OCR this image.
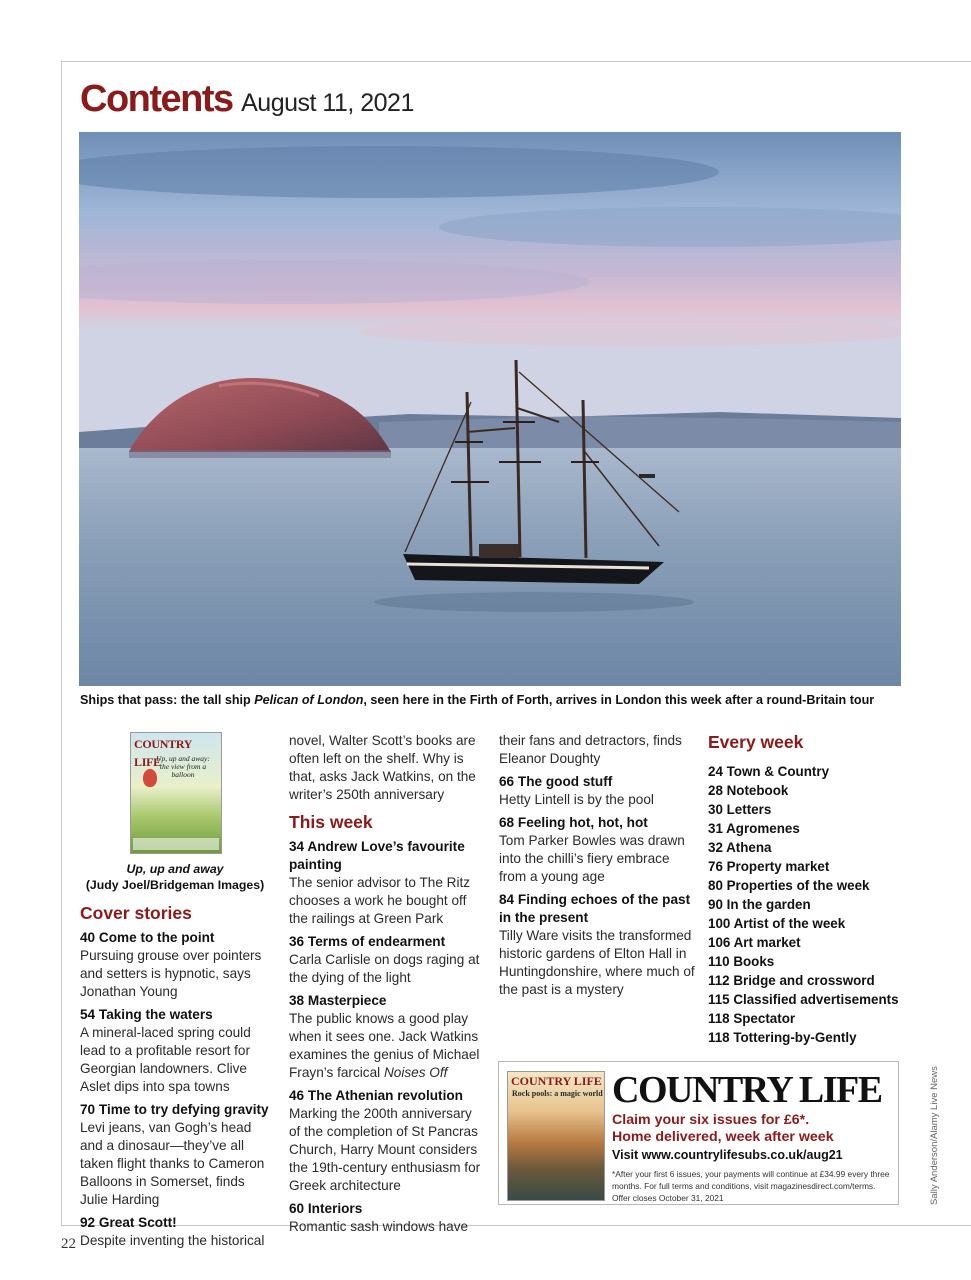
Contents August 11, 2021
Ships that pass: the tall ship Pelican of London, seen here in the Firth of Forth, arrives in London this week after a round-Britain tour
COUNTRY LIFE
Up, up and away: the view from a balloon
Up, up and away
(Judy Joel/Bridgeman Images)
Cover stories
40 Come to the point
Pursuing grouse over pointers and setters is hypnotic, says Jonathan Young
54 Taking the waters
A mineral-laced spring could lead to a profitable resort for Georgian landowners. Clive Aslet dips into spa towns
70 Time to try defying gravity
Levi jeans, van Gogh’s head and a dinosaur—they’ve all taken flight thanks to Cameron Balloons in Somerset, finds Julie Harding
92 Great Scott!
Despite inventing the historical
novel, Walter Scott’s books are often left on the shelf. Why is that, asks Jack Watkins, on the writer’s 250th anniversary
This week
34 Andrew Love’s favourite painting
The senior advisor to The Ritz chooses a work he bought off the railings at Green Park
36 Terms of endearment
Carla Carlisle on dogs raging at the dying of the light
38 Masterpiece
The public knows a good play when it sees one. Jack Watkins examines the genius of Michael Frayn’s farcical Noises Off
46 The Athenian revolution
Marking the 200th anniversary of the completion of St Pancras Church, Harry Mount considers the 19th-century enthusiasm for Greek architecture
60 Interiors
Romantic sash windows have
their fans and detractors, finds Eleanor Doughty
66 The good stuff
Hetty Lintell is by the pool
68 Feeling hot, hot, hot
Tom Parker Bowles was drawn into the chilli’s fiery embrace from a young age
84 Finding echoes of the past in the present
Tilly Ware visits the transformed historic gardens of Elton Hall in Huntingdonshire, where much of the past is a mystery
Every week
24 Town & Country
28 Notebook
30 Letters
31 Agromenes
32 Athena
76 Property market
80 Properties of the week
90 In the garden
100 Artist of the week
106 Art market
110 Books
112 Bridge and crossword
115 Classified advertisements
118 Spectator
118 Tottering-by-Gently
COUNTRY LIFE
Rock pools: a magic world COUNTRY LIFE
Claim your six issues for £6*.
Home delivered, week after week
Visit www.countrylifesubs.co.uk/aug21
*After your first 6 issues, your payments will continue at £34.99 every three months. For full terms and conditions, visit magazinesdirect.com/terms. Offer closes October 31, 2021	Sally Anderson/Alamy Live News
22
